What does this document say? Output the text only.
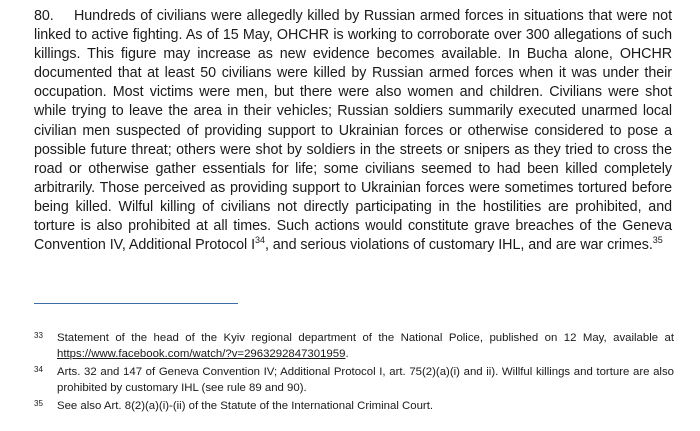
80. Hundreds of civilians were allegedly killed by Russian armed forces in situations that were not linked to active fighting. As of 15 May, OHCHR is working to corroborate over 300 allegations of such killings. This figure may increase as new evidence becomes available. In Bucha alone, OHCHR documented that at least 50 civilians were killed by Russian armed forces when it was under their occupation. Most victims were men, but there were also women and children. Civilians were shot while trying to leave the area in their vehicles; Russian soldiers summarily executed unarmed local civilian men suspected of providing support to Ukrainian forces or otherwise considered to pose a possible future threat; others were shot by soldiers in the streets or snipers as they tried to cross the road or otherwise gather essentials for life; some civilians seemed to had been killed completely arbitrarily. Those perceived as providing support to Ukrainian forces were sometimes tortured before being killed. Wilful killing of civilians not directly participating in the hostilities are prohibited, and torture is also prohibited at all times. Such actions would constitute grave breaches of the Geneva Convention IV, Additional Protocol $I^{34}$, and serious violations of customary IHL, and are war crimes.$^{35}$

33 Statement of the head of the Kyiv regional department of the National Police, published on 12 May, available at https://www.facebook.com/watch/?v=2963292847301959.
34 Arts. 32 and 147 of Geneva Convention IV; Additional Protocol I, art. 75(2)(a)(i) and ii). Willful killings and torture are also prohibited by customary IHL (see rule 89 and 90).
35 See also Art. 8(2)(a)(i)-(ii) of the Statute of the International Criminal Court.
